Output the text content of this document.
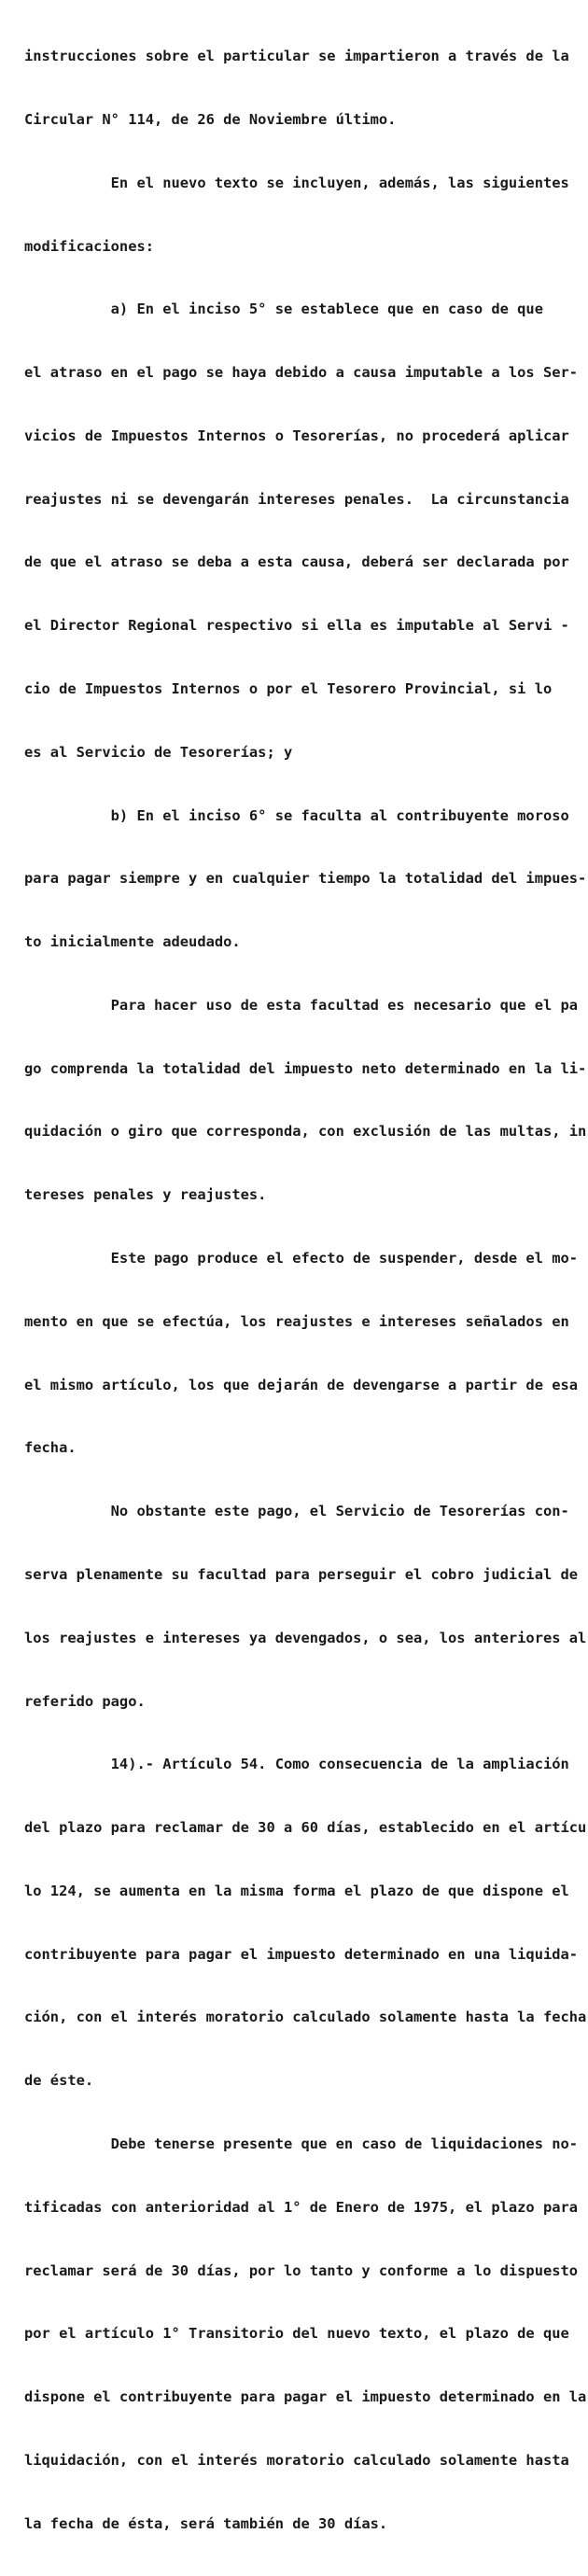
instrucciones sobre el particular se impartieron a través de la

Circular N° 114, de 26 de Noviembre último.

En el nuevo texto se incluyen, además, las siguientes

modificaciones:

a) En el inciso 5° se establece que en caso de que

el atraso en el pago se haya debido a causa imputable a los Ser-

vicios de Impuestos Internos o Tesorerías, no procederá aplicar

reajustes ni se devengarán intereses penales.  La circunstancia

de que el atraso se deba a esta causa, deberá ser declarada por

el Director Regional respectivo si ella es imputable al Servi -

cio de Impuestos Internos o por el Tesorero Provincial, si lo

es al Servicio de Tesorerías; y

b) En el inciso 6° se faculta al contribuyente moroso

para pagar siempre y en cualquier tiempo la totalidad del impues-

to inicialmente adeudado.

Para hacer uso de esta facultad es necesario que el pa

go comprenda la totalidad del impuesto neto determinado en la li-

quidación o giro que corresponda, con exclusión de las multas, in

tereses penales y reajustes.

Este pago produce el efecto de suspender, desde el mo-

mento en que se efectúa, los reajustes e intereses señalados en

el mismo artículo, los que dejarán de devengarse a partir de esa

fecha.

No obstante este pago, el Servicio de Tesorerías con-

serva plenamente su facultad para perseguir el cobro judicial de

los reajustes e intereses ya devengados, o sea, los anteriores al

referido pago.

14).- Artículo 54. Como consecuencia de la ampliación

del plazo para reclamar de 30 a 60 días, establecido en el artícu

lo 124, se aumenta en la misma forma el plazo de que dispone el

contribuyente para pagar el impuesto determinado en una liquida-

ción, con el interés moratorio calculado solamente hasta la fecha

de éste.

Debe tenerse presente que en caso de liquidaciones no-

tificadas con anterioridad al 1° de Enero de 1975, el plazo para

reclamar será de 30 días, por lo tanto y conforme a lo dispuesto

por el artículo 1° Transitorio del nuevo texto, el plazo de que

dispone el contribuyente para pagar el impuesto determinado en la

liquidación, con el interés moratorio calculado solamente hasta

la fecha de ésta, será también de 30 días.
